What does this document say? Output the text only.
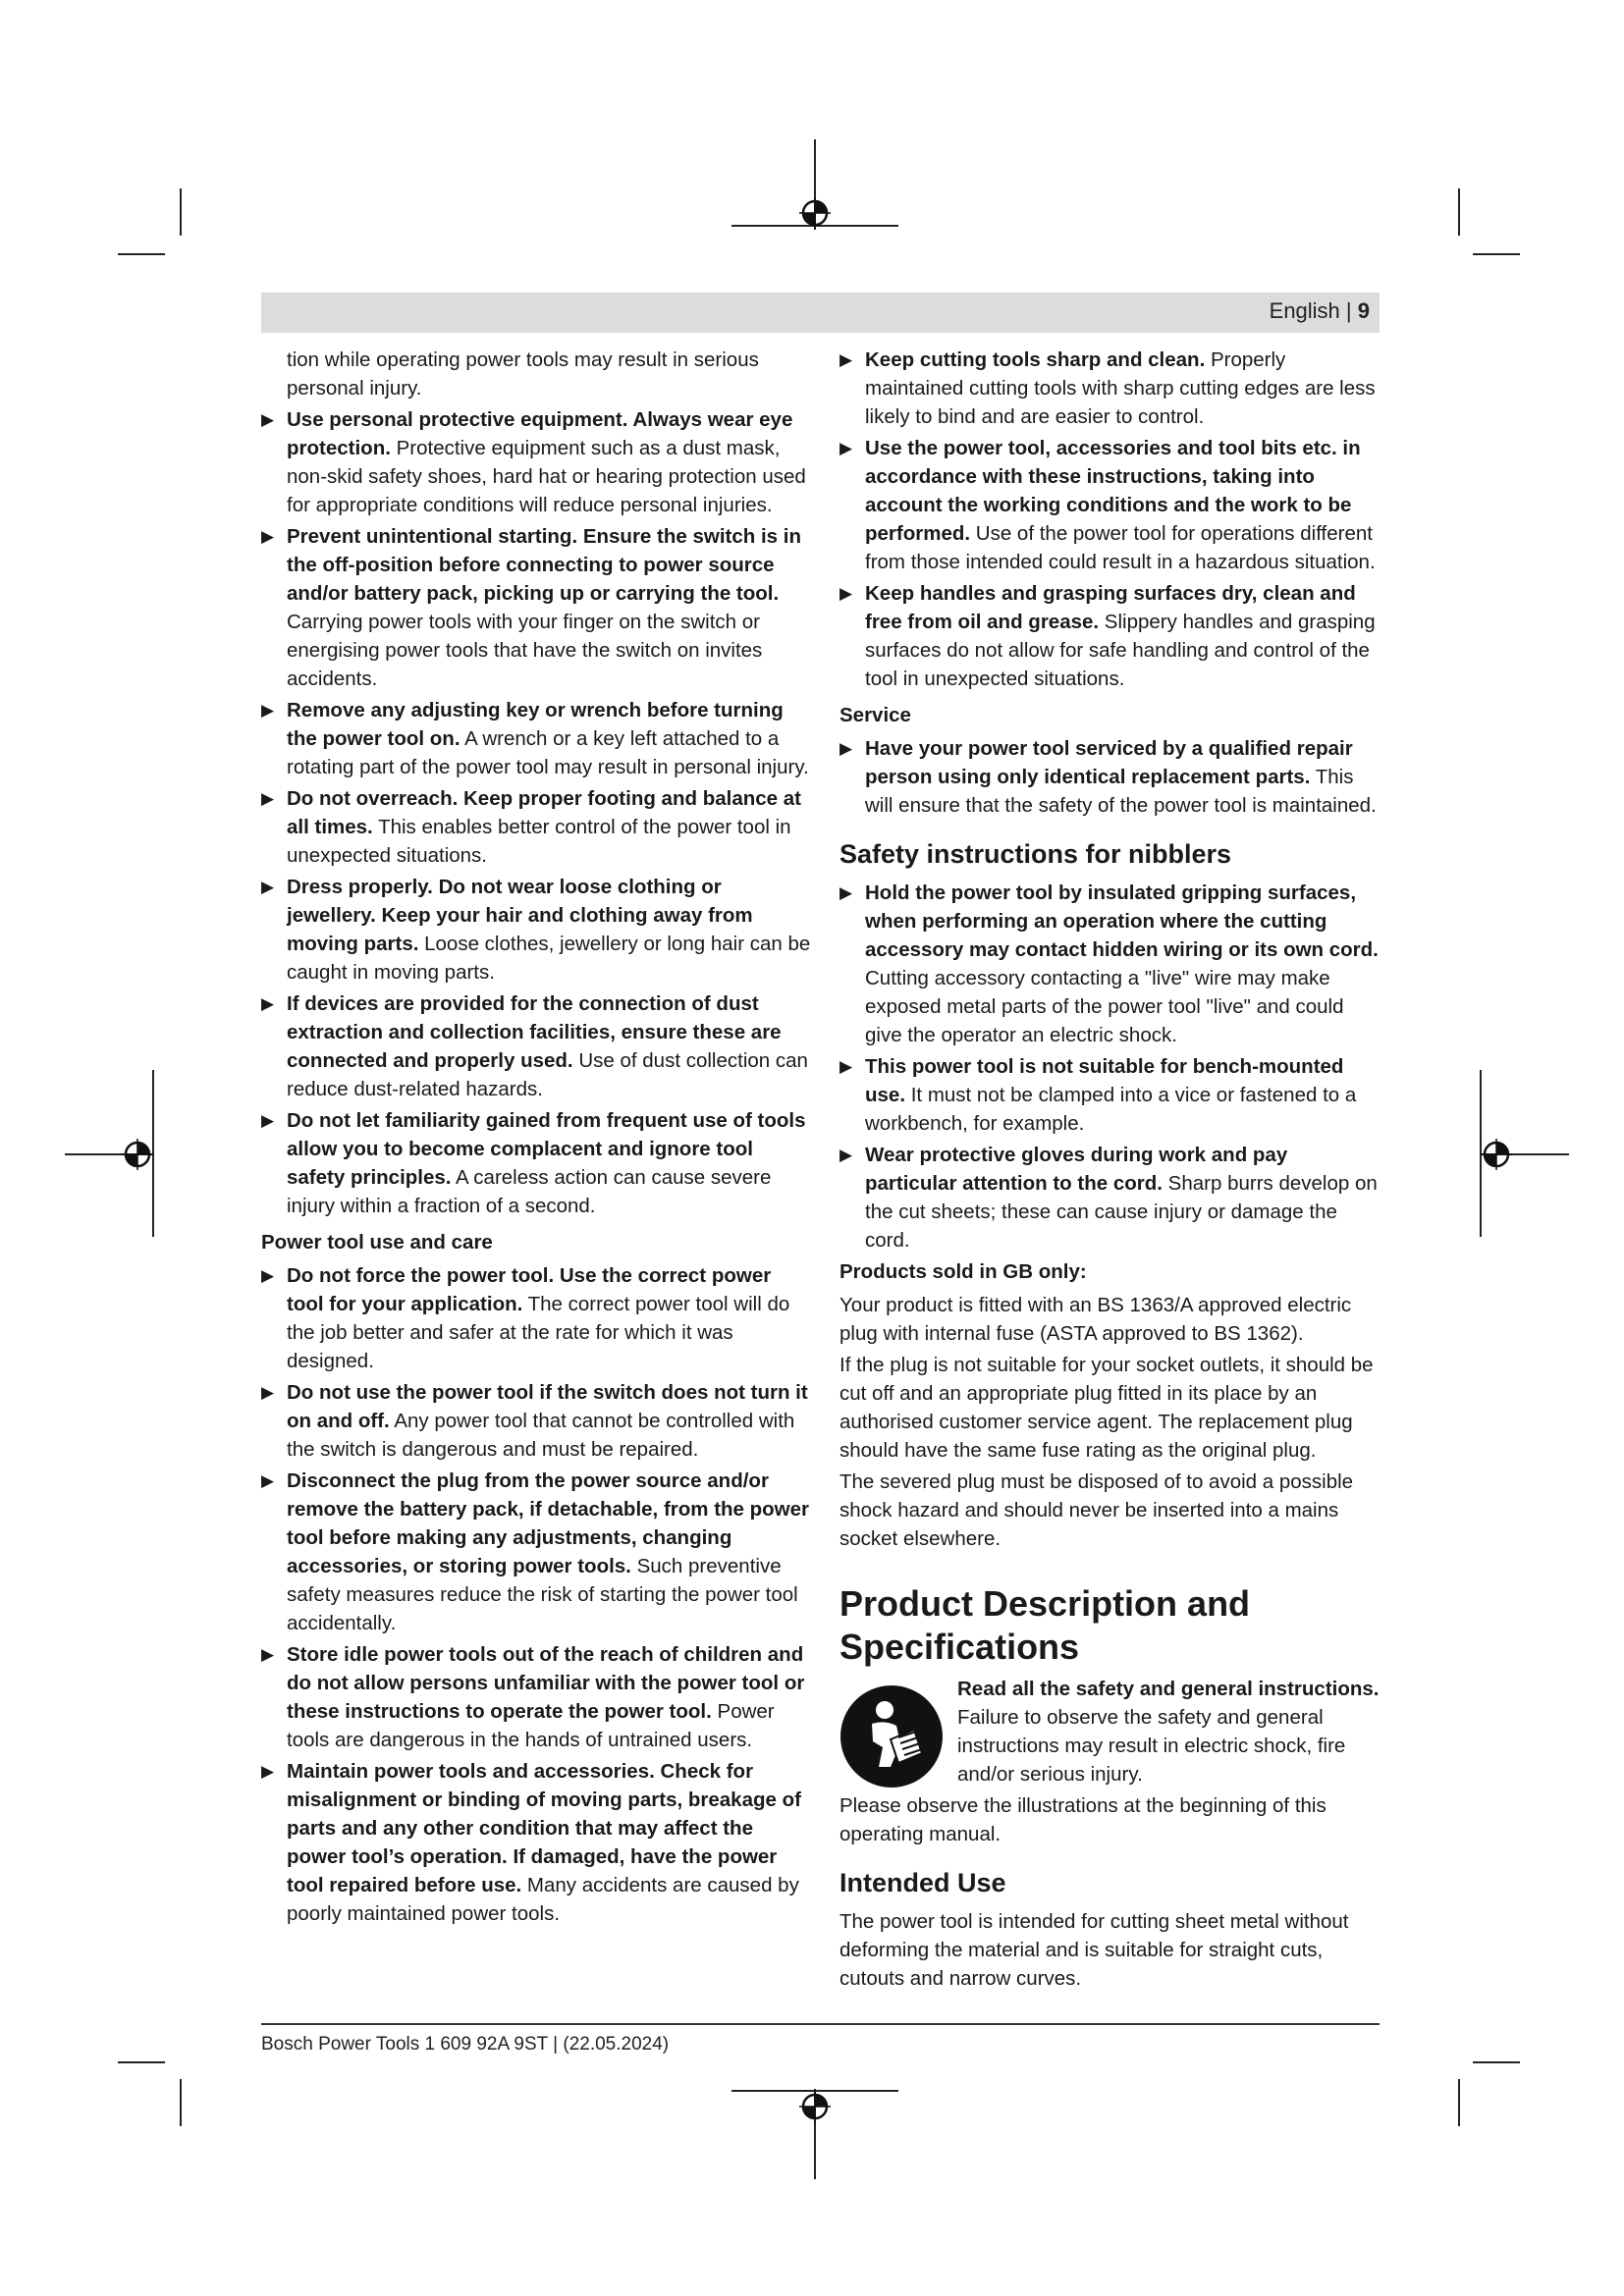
English | 9

tion while operating power tools may result in serious personal injury.

▶ Use personal protective equipment. Always wear eye protection. Protective equipment such as a dust mask, non-skid safety shoes, hard hat or hearing protection used for appropriate conditions will reduce personal injuries.
▶ Prevent unintentional starting. Ensure the switch is in the off-position before connecting to power source and/or battery pack, picking up or carrying the tool. Carrying power tools with your finger on the switch or energising power tools that have the switch on invites accidents.
▶ Remove any adjusting key or wrench before turning the power tool on. A wrench or a key left attached to a rotating part of the power tool may result in personal injury.
▶ Do not overreach. Keep proper footing and balance at all times. This enables better control of the power tool in unexpected situations.
▶ Dress properly. Do not wear loose clothing or jewellery. Keep your hair and clothing away from moving parts. Loose clothes, jewellery or long hair can be caught in moving parts.
▶ If devices are provided for the connection of dust extraction and collection facilities, ensure these are connected and properly used. Use of dust collection can reduce dust-related hazards.
▶ Do not let familiarity gained from frequent use of tools allow you to become complacent and ignore tool safety principles. A careless action can cause severe injury within a fraction of a second.
Power tool use and care
▶ Do not force the power tool. Use the correct power tool for your application. The correct power tool will do the job better and safer at the rate for which it was designed.
▶ Do not use the power tool if the switch does not turn it on and off. Any power tool that cannot be controlled with the switch is dangerous and must be repaired.
▶ Disconnect the plug from the power source and/or remove the battery pack, if detachable, from the power tool before making any adjustments, changing accessories, or storing power tools. Such preventive safety measures reduce the risk of starting the power tool accidentally.
▶ Store idle power tools out of the reach of children and do not allow persons unfamiliar with the power tool or these instructions to operate the power tool. Power tools are dangerous in the hands of untrained users.
▶ Maintain power tools and accessories. Check for misalignment or binding of moving parts, breakage of parts and any other condition that may affect the power tool’s operation. If damaged, have the power tool repaired before use. Many accidents are caused by poorly maintained power tools.
▶ Keep cutting tools sharp and clean. Properly maintained cutting tools with sharp cutting edges are less likely to bind and are easier to control.
▶ Use the power tool, accessories and tool bits etc. in accordance with these instructions, taking into account the working conditions and the work to be performed. Use of the power tool for operations different from those intended could result in a hazardous situation.
▶ Keep handles and grasping surfaces dry, clean and free from oil and grease. Slippery handles and grasping surfaces do not allow for safe handling and control of the tool in unexpected situations.
Service
▶ Have your power tool serviced by a qualified repair person using only identical replacement parts. This will ensure that the safety of the power tool is maintained.
Safety instructions for nibblers
▶ Hold the power tool by insulated gripping surfaces, when performing an operation where the cutting accessory may contact hidden wiring or its own cord. Cutting accessory contacting a "live" wire may make exposed metal parts of the power tool "live" and could give the operator an electric shock.
▶ This power tool is not suitable for bench-mounted use. It must not be clamped into a vice or fastened to a workbench, for example.
▶ Wear protective gloves during work and pay particular attention to the cord. Sharp burrs develop on the cut sheets; these can cause injury or damage the cord.
Products sold in GB only:

Your product is fitted with an BS 1363/A approved electric plug with internal fuse (ASTA approved to BS 1362).

If the plug is not suitable for your socket outlets, it should be cut off and an appropriate plug fitted in its place by an authorised customer service agent. The replacement plug should have the same fuse rating as the original plug.

The severed plug must be disposed of to avoid a possible shock hazard and should never be inserted into a mains socket elsewhere.

Product Description and Specifications
Read all the safety and general instructions.
Failure to observe the safety and general instructions may result in electric shock, fire and/or serious injury.

Please observe the illustrations at the beginning of this operating manual.

Intended Use

The power tool is intended for cutting sheet metal without deforming the material and is suitable for straight cuts, cutouts and narrow curves.

Bosch Power Tools 1 609 92A 9ST | (22.05.2024)
